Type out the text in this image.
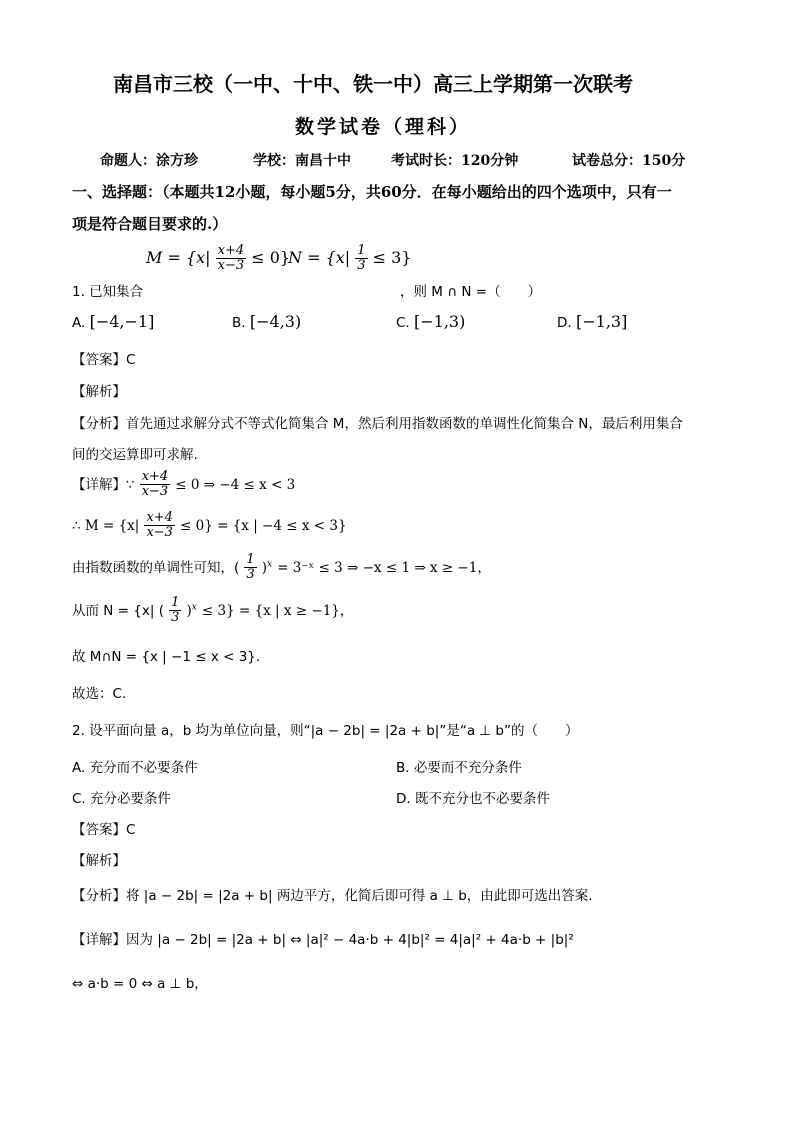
南昌市三校（一中、十中、铁一中）高三上学期第一次联考
数学试卷（理科）
命题人：涂方珍	学校：南昌十中	考试时长：120分钟	试卷总分：150分
一、选择题：（本题共12小题，每小题5分，共60分．在每小题给出的四个选项中，只有一
项是符合题目要求的.）
1. 已知集合
$M = \{x| \frac{x+4}{x-3} \le 0\}$
$N = \{x| \frac{1}{3} \le 3\}$
，则 M ∩ N =（　　）
A. [−4,−1]	B. [−4,3)	C. [−1,3)	D. [−1,3]
【答案】C
【解析】
【分析】首先通过求解分式不等式化简集合 M，然后利用指数函数的单调性化简集合 N，最后利用集合
间的交运算即可求解.
【详解】∵ $\frac{x+4}{x-3} \le 0$ ⇒ −4 ≤ x < 3
∴ $M = \{x| \frac{x+4}{x-3} \le 0\} = \{x$ | −4 ≤ x < 3}
由指数函数的单调性可知，( $\frac{1}{3} )^x$ = 3⁻ˣ ≤ 3 ⇒ −x ≤ 1 ⇒ x ≥ −1，
从而 N = {x| ( $\frac{1}{3} )^x \le 3\} = \{x$ | x ≥ −1}，
故 M∩N = {x | −1 ≤ x < 3}.
故选：C.
2. 设平面向量 a，b 均为单位向量，则“|a − 2b| = |2a + b|”是“a ⊥ b”的（　　）
A. 充分而不必要条件	B. 必要而不充分条件
C. 充分必要条件	D. 既不充分也不必要条件
【答案】C
【解析】
【分析】将 |a − 2b| = |2a + b| 两边平方，化简后即可得 a ⊥ b，由此即可选出答案.
【详解】因为 |a − 2b| = |2a + b| ⇔ |a|² − 4a·b + 4|b|² = 4|a|² + 4a·b + |b|²
⇔ a·b = 0 ⇔ a ⊥ b，
